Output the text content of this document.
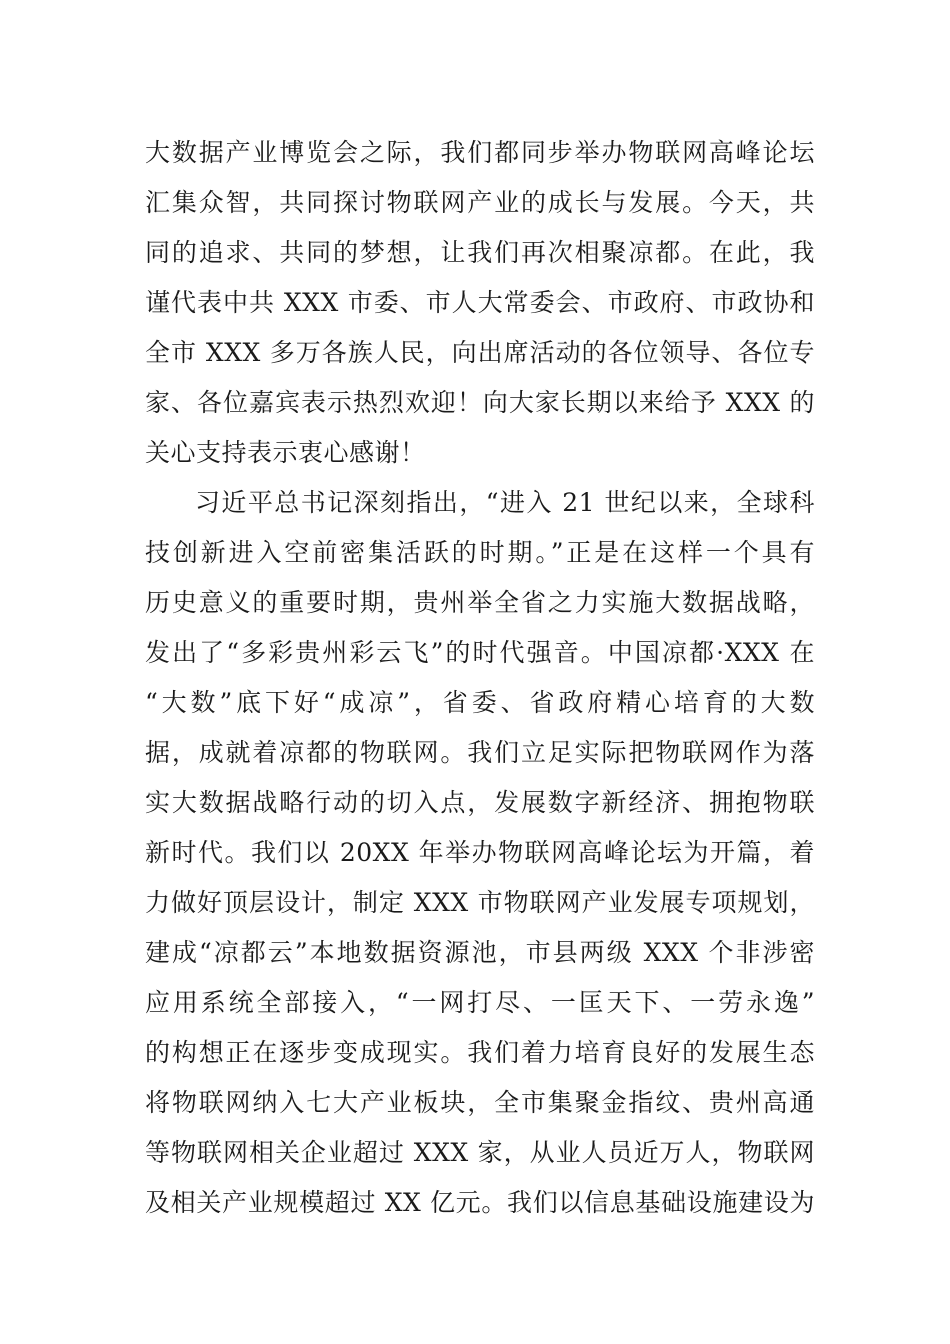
大数据产业博览会之际，我们都同步举办物联网高峰论坛
汇集众智，共同探讨物联网产业的成长与发展。今天，共
同的追求、共同的梦想，让我们再次相聚凉都。在此，我
谨代表中共 XXX 市委、市人大常委会、市政府、市政协和
全市 XXX 多万各族人民，向出席活动的各位领导、各位专
家、各位嘉宾表示热烈欢迎！向大家长期以来给予 XXX 的
关心支持表示衷心感谢！
习近平总书记深刻指出，“进入 21 世纪以来，全球科
技创新进入空前密集活跃的时期。”正是在这样一个具有
历史意义的重要时期，贵州举全省之力实施大数据战略，
发出了“多彩贵州彩云飞”的时代强音。中国凉都·XXX 在
“大数”底下好“成凉”，省委、省政府精心培育的大数
据，成就着凉都的物联网。我们立足实际把物联网作为落
实大数据战略行动的切入点，发展数字新经济、拥抱物联
新时代。我们以 20XX 年举办物联网高峰论坛为开篇，着
力做好顶层设计，制定 XXX 市物联网产业发展专项规划，
建成“凉都云”本地数据资源池，市县两级 XXX 个非涉密
应用系统全部接入，“一网打尽、一匡天下、一劳永逸”
的构想正在逐步变成现实。我们着力培育良好的发展生态
将物联网纳入七大产业板块，全市集聚金指纹、贵州高通
等物联网相关企业超过 XXX 家，从业人员近万人，物联网
及相关产业规模超过 XX 亿元。我们以信息基础设施建设为
